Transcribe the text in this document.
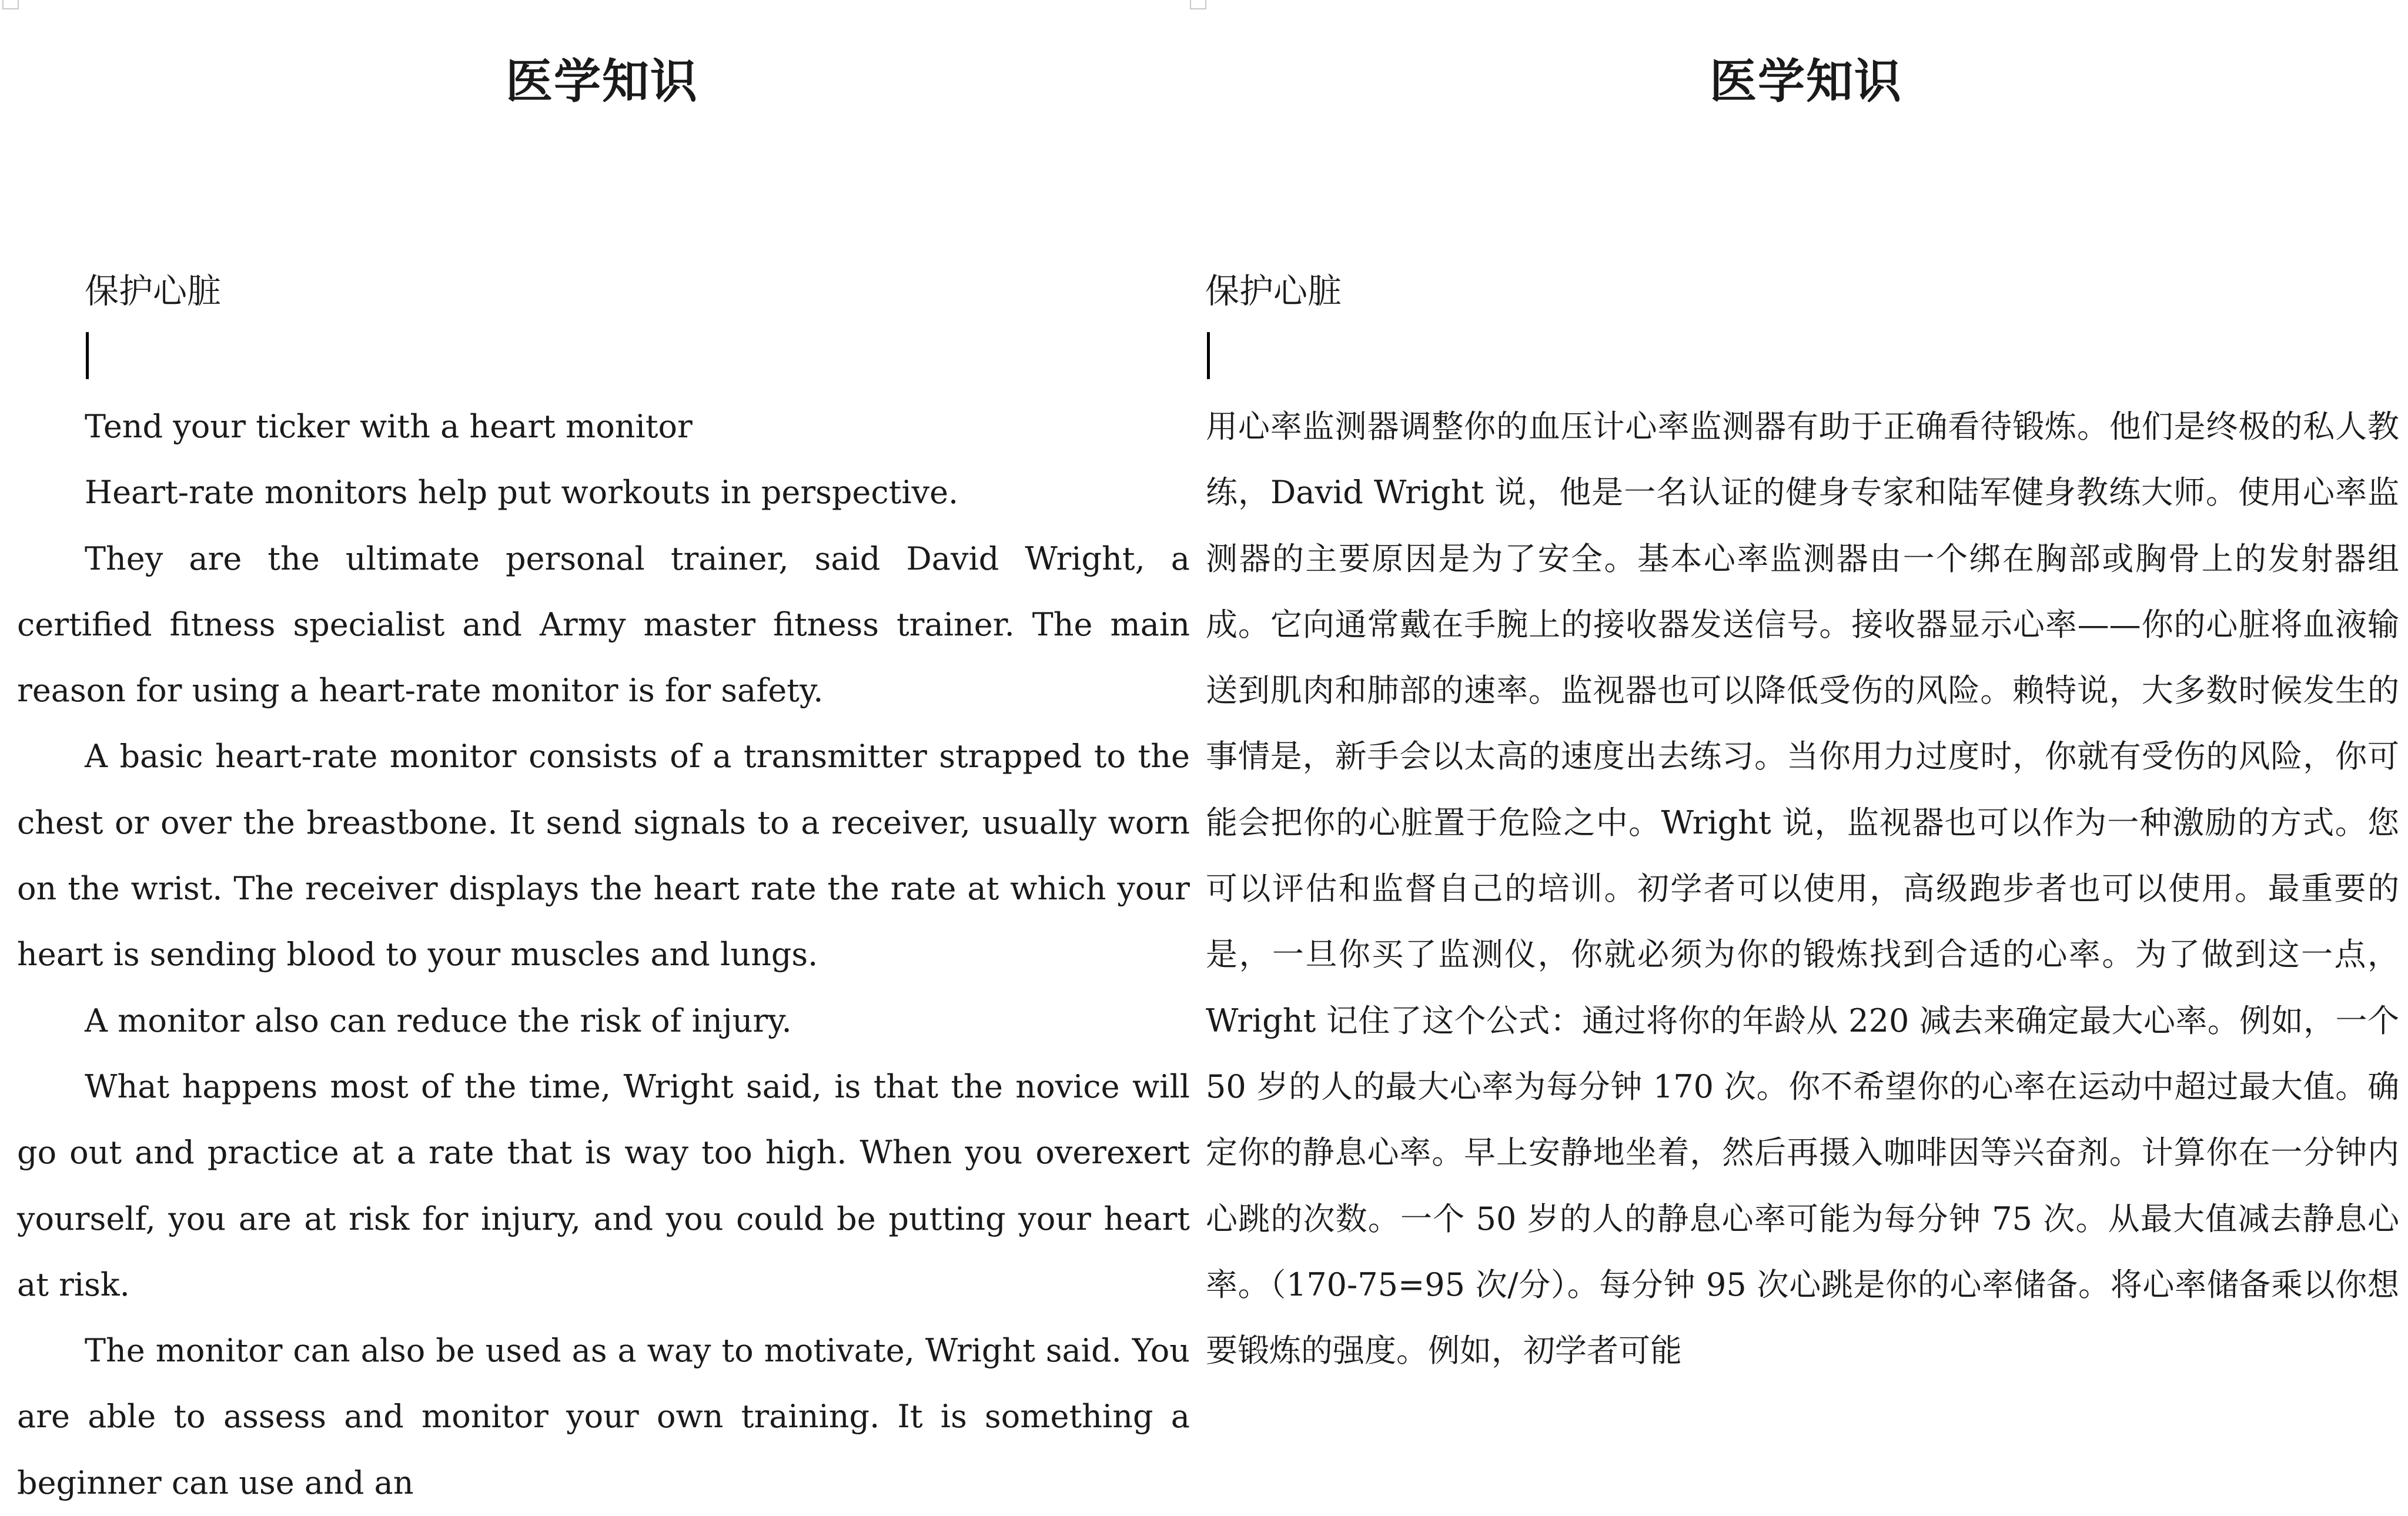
医学知识
保护心脏

Tend your ticker with a heart monitor

Heart-rate monitors help put workouts in perspective.

They are the ultimate personal trainer, said David Wright, a certified fitness specialist and Army master fitness trainer. The main reason for using a heart-rate monitor is for safety.

A basic heart-rate monitor consists of a transmitter strapped to the chest or over the breastbone. It send signals to a receiver, usually worn on the wrist. The receiver displays the heart rate the rate at which your heart is sending blood to your muscles and lungs.

A monitor also can reduce the risk of injury.

What happens most of the time, Wright said, is that the novice will go out and practice at a rate that is way too high. When you overexert yourself, you are at risk for injury, and you could be putting your heart at risk.

The monitor can also be used as a way to motivate, Wright said. You are able to assess and monitor your own training. It is something a beginner can use and an

医学知识
保护心脏

用心率监测器调整你的血压计心率监测器有助于正确看待锻炼。他们是终极的私人教练，David Wright 说，他是一名认证的健身专家和陆军健身教练大师。使用心率监测器的主要原因是为了安全。基本心率监测器由一个绑在胸部或胸骨上的发射器组成。它向通常戴在手腕上的接收器发送信号。接收器显示心率——你的心脏将血液输送到肌肉和肺部的速率。监视器也可以降低受伤的风险。赖特说，大多数时候发生的事情是，新手会以太高的速度出去练习。当你用力过度时，你就有受伤的风险，你可能会把你的心脏置于危险之中。Wright 说，监视器也可以作为一种激励的方式。您可以评估和监督自己的培训。初学者可以使用，高级跑步者也可以使用。最重要的是，一旦你买了监测仪，你就必须为你的锻炼找到合适的心率。为了做到这一点，Wright 记住了这个公式：通过将你的年龄从 220 减去来确定最大心率。例如，一个 50 岁的人的最大心率为每分钟 170 次。你不希望你的心率在运动中超过最大值。确定你的静息心率。早上安静地坐着，然后再摄入咖啡因等兴奋剂。计算你在一分钟内心跳的次数。一个 50 岁的人的静息心率可能为每分钟 75 次。从最大值减去静息心率。（170-75=95 次/分）。每分钟 95 次心跳是你的心率储备。将心率储备乘以你想要锻炼的强度。例如，初学者可能
